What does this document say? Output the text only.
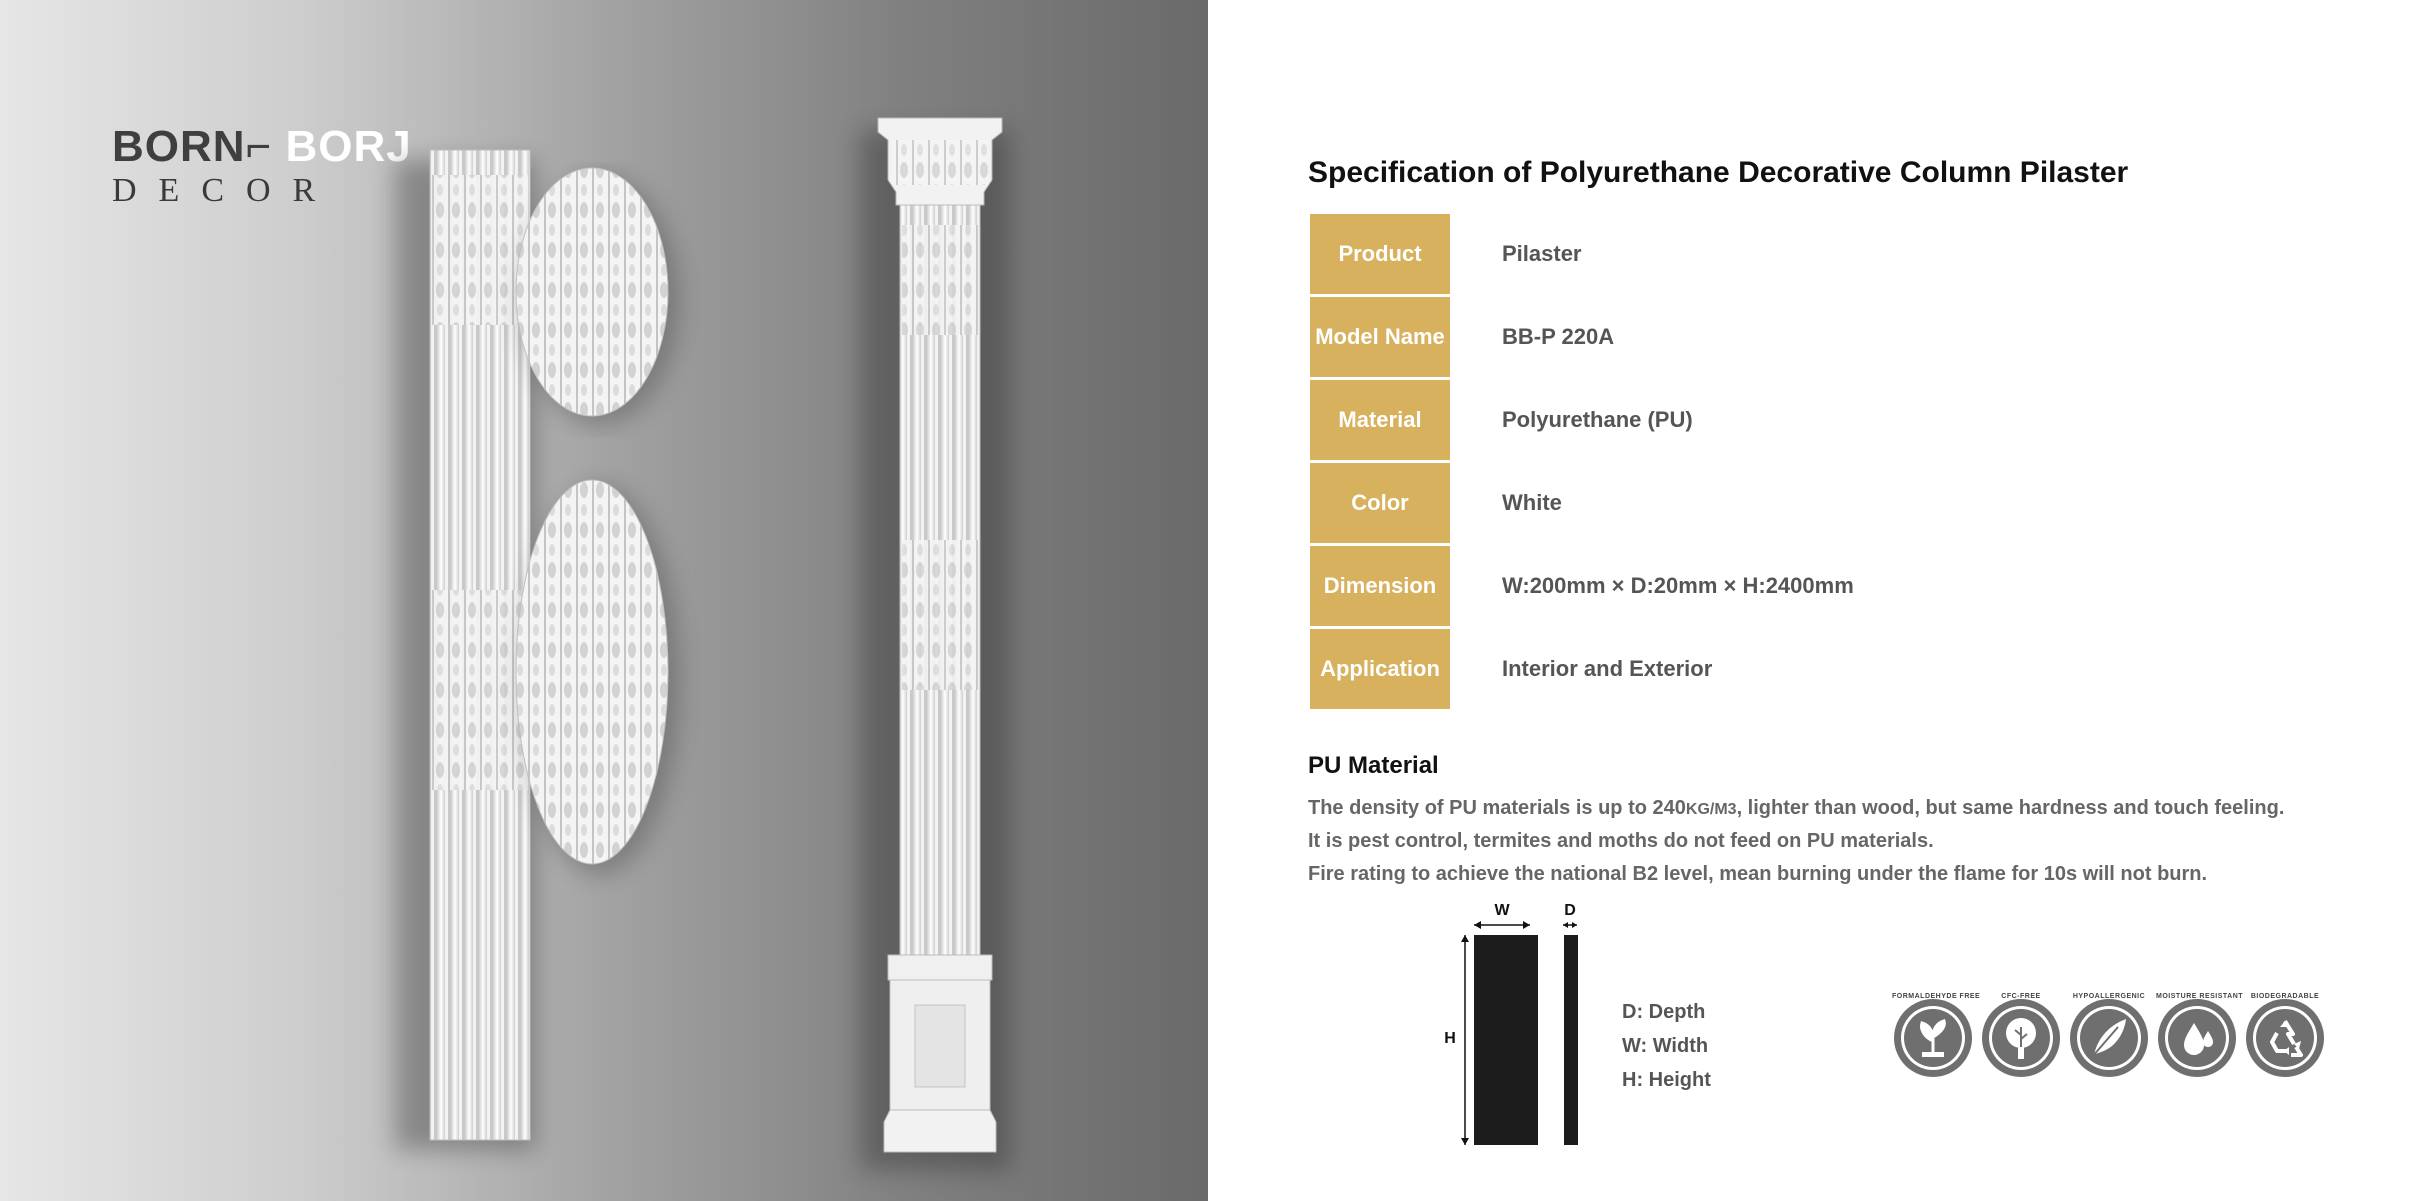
BORN⌐ BORJ
DECOR	Specification of Polyurethane Decorative Column Pilaster
Product	Pilaster
Model Name	BB-P 220A
Material	Polyurethane (PU)
Color	White
Dimension	W:200mm × D:20mm × H:2400mm
Application	Interior and Exterior
PU Material
The density of PU materials is up to 240KG/M3, lighter than wood, but same hardness and touch feeling.
It is pest control, termites and moths do not feed on PU materials.
Fire rating to achieve the national B2 level, mean burning under the flame for 10s will not burn.
W	D
H
D: Depth
W: Width
H: Height
FORMALDEHYDE FREE	CFC-FREE	HYPOALLERGENIC	MOISTURE RESISTANT	BIODEGRADABLE
